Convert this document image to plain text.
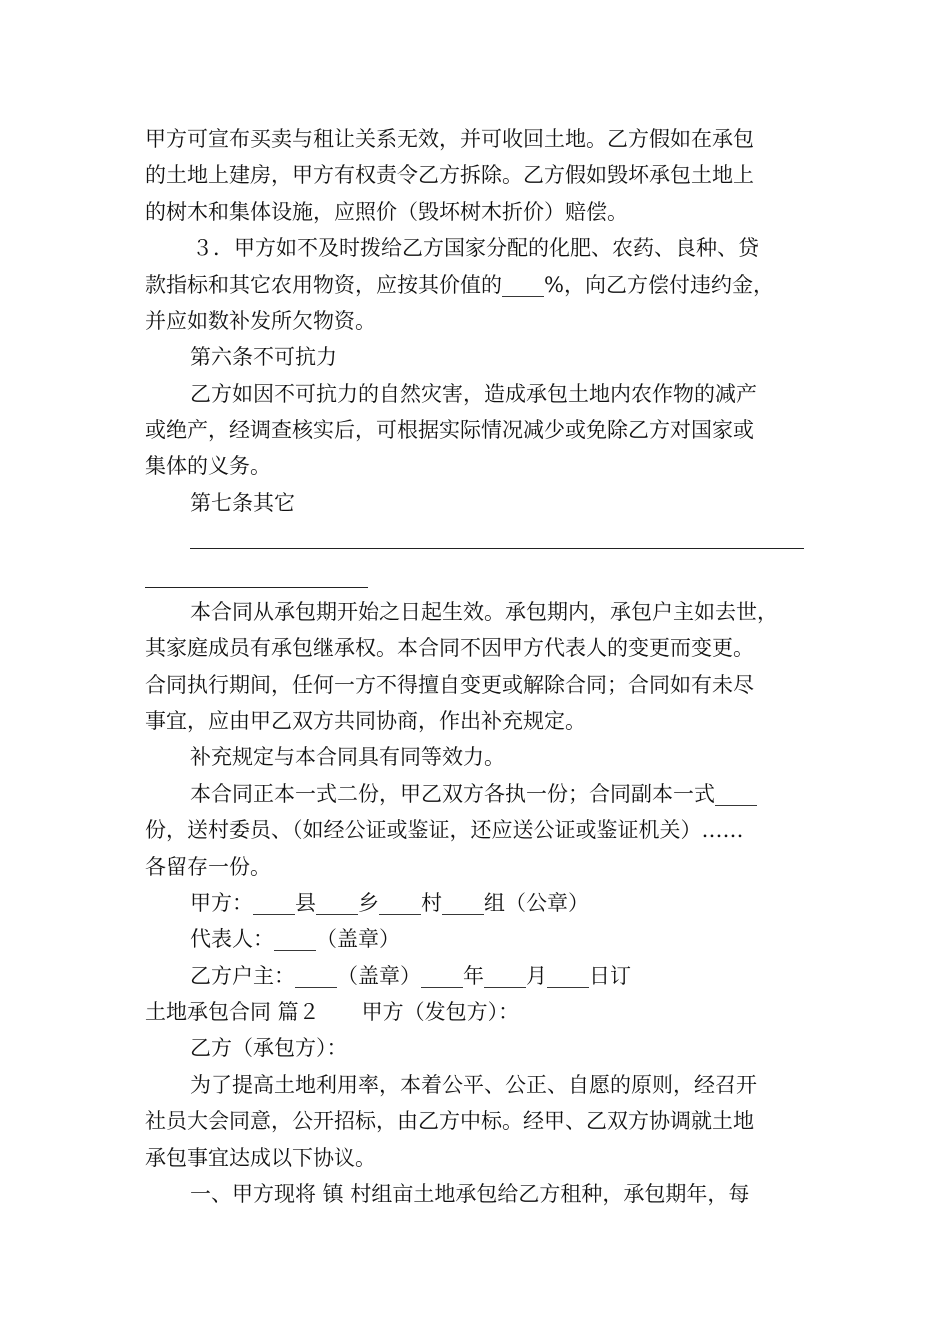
甲方可宣布买卖与租让关系无效，并可收回土地。乙方假如在承包
的土地上建房，甲方有权责令乙方拆除。乙方假如毁坏承包土地上
的树木和集体设施，应照价（毁坏树木折价）赔偿。
３．甲方如不及时拨给乙方国家分配的化肥、农药、良种、贷
款指标和其它农用物资，应按其价值的____%，向乙方偿付违约金，
并应如数补发所欠物资。
第六条不可抗力
乙方如因不可抗力的自然灾害，造成承包土地内农作物的减产
或绝产，经调查核实后，可根据实际情况减少或免除乙方对国家或
集体的义务。
第七条其它
本合同从承包期开始之日起生效。承包期内，承包户主如去世，
其家庭成员有承包继承权。本合同不因甲方代表人的变更而变更。
合同执行期间，任何一方不得擅自变更或解除合同；合同如有未尽
事宜，应由甲乙双方共同协商，作出补充规定。
补充规定与本合同具有同等效力。
本合同正本一式二份，甲乙双方各执一份；合同副本一式____
份，送村委员、（如经公证或鉴证，还应送公证或鉴证机关）……
各留存一份。
甲方：____县____乡____村____组（公章）
代表人：____（盖章）
乙方户主：____（盖章）____年____月____日订
土地承包合同 篇２　　甲方（发包方）：
乙方（承包方）：
为了提高土地利用率，本着公平、公正、自愿的原则，经召开
社员大会同意，公开招标，由乙方中标。经甲、乙双方协调就土地
承包事宜达成以下协议。
一、甲方现将 镇 村组亩土地承包给乙方租种，承包期年，每
